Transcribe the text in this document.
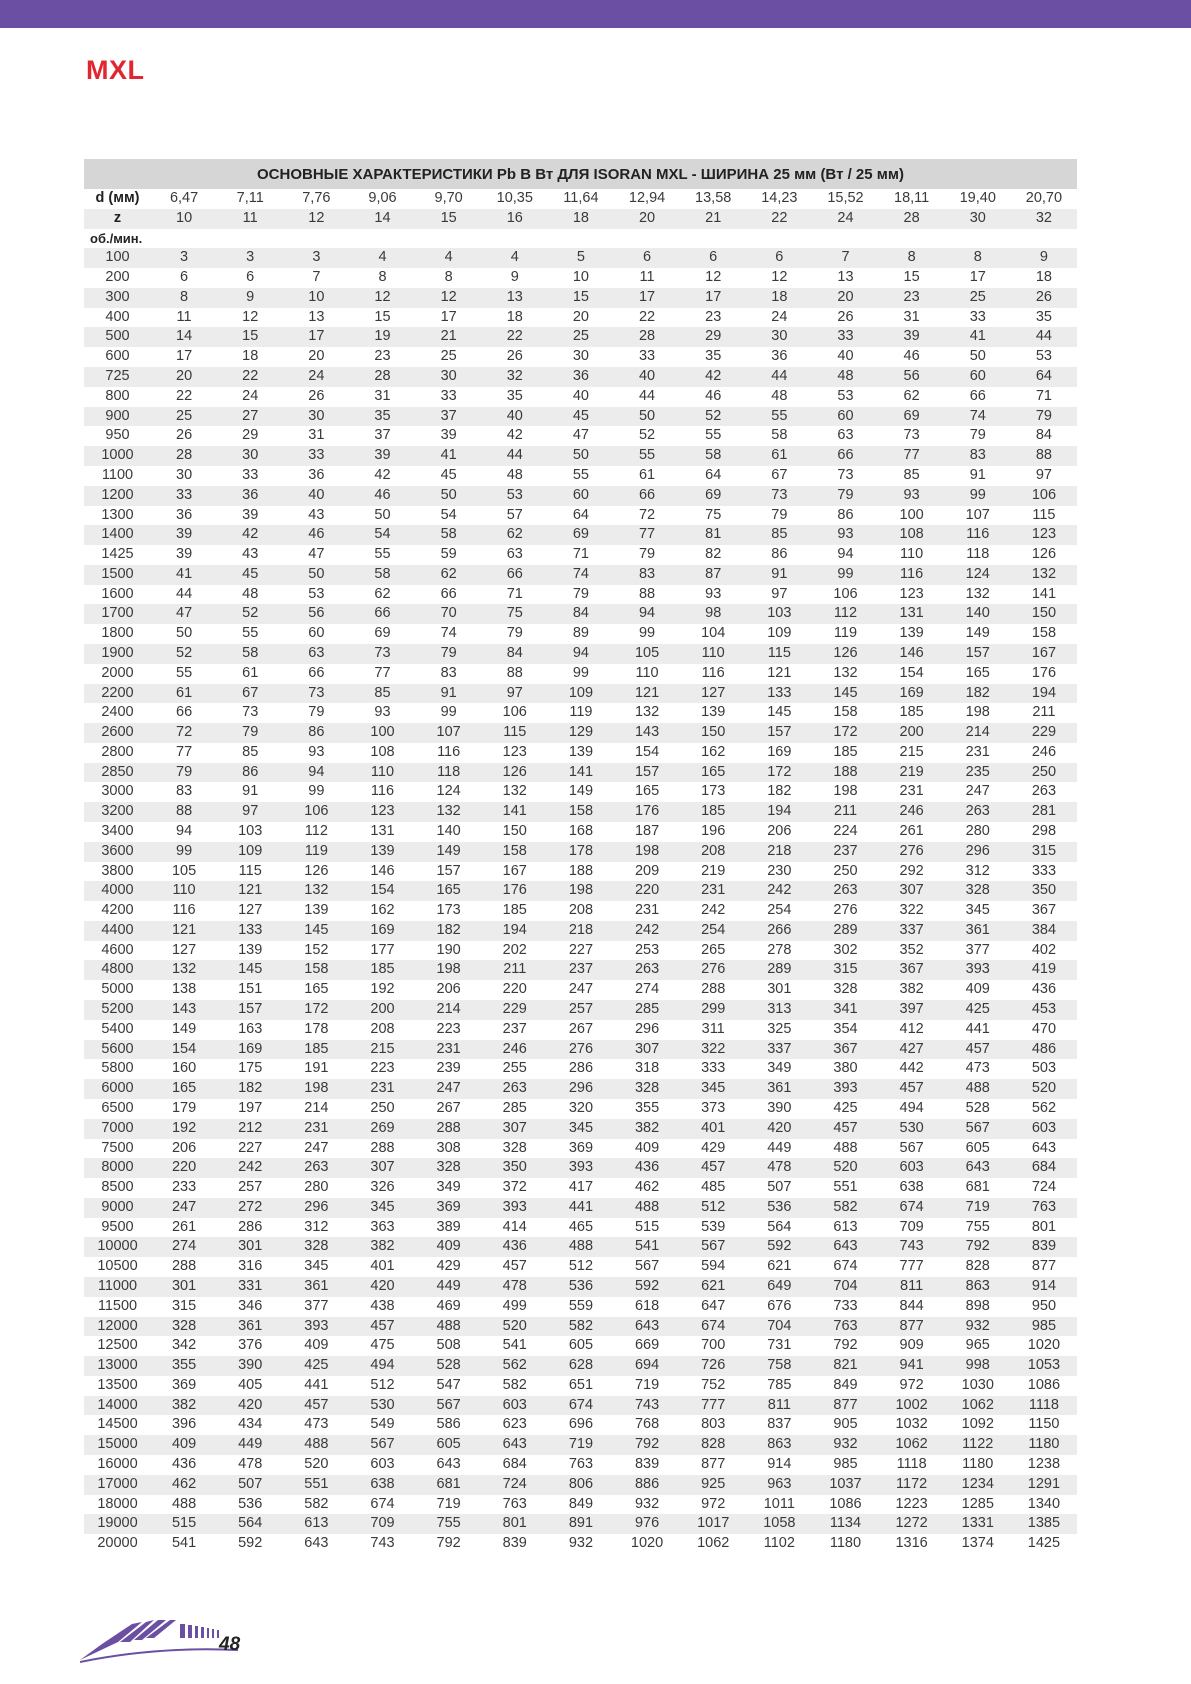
MXL
ОСНОВНЫЕ ХАРАКТЕРИСТИКИ Pb В Вт ДЛЯ ISORAN MXL - ШИРИНА 25 мм (Вт / 25 мм)
d (мм)	6,47	7,11	7,76	9,06	9,70	10,35	11,64	12,94	13,58	14,23	15,52	18,11	19,40	20,70
z	10	11	12	14	15	16	18	20	21	22	24	28	30	32
об./мин.														
100	3	3	3	4	4	4	5	6	6	6	7	8	8	9
200	6	6	7	8	8	9	10	11	12	12	13	15	17	18
300	8	9	10	12	12	13	15	17	17	18	20	23	25	26
400	11	12	13	15	17	18	20	22	23	24	26	31	33	35
500	14	15	17	19	21	22	25	28	29	30	33	39	41	44
600	17	18	20	23	25	26	30	33	35	36	40	46	50	53
725	20	22	24	28	30	32	36	40	42	44	48	56	60	64
800	22	24	26	31	33	35	40	44	46	48	53	62	66	71
900	25	27	30	35	37	40	45	50	52	55	60	69	74	79
950	26	29	31	37	39	42	47	52	55	58	63	73	79	84
1000	28	30	33	39	41	44	50	55	58	61	66	77	83	88
1100	30	33	36	42	45	48	55	61	64	67	73	85	91	97
1200	33	36	40	46	50	53	60	66	69	73	79	93	99	106
1300	36	39	43	50	54	57	64	72	75	79	86	100	107	115
1400	39	42	46	54	58	62	69	77	81	85	93	108	116	123
1425	39	43	47	55	59	63	71	79	82	86	94	110	118	126
1500	41	45	50	58	62	66	74	83	87	91	99	116	124	132
1600	44	48	53	62	66	71	79	88	93	97	106	123	132	141
1700	47	52	56	66	70	75	84	94	98	103	112	131	140	150
1800	50	55	60	69	74	79	89	99	104	109	119	139	149	158
1900	52	58	63	73	79	84	94	105	110	115	126	146	157	167
2000	55	61	66	77	83	88	99	110	116	121	132	154	165	176
2200	61	67	73	85	91	97	109	121	127	133	145	169	182	194
2400	66	73	79	93	99	106	119	132	139	145	158	185	198	211
2600	72	79	86	100	107	115	129	143	150	157	172	200	214	229
2800	77	85	93	108	116	123	139	154	162	169	185	215	231	246
2850	79	86	94	110	118	126	141	157	165	172	188	219	235	250
3000	83	91	99	116	124	132	149	165	173	182	198	231	247	263
3200	88	97	106	123	132	141	158	176	185	194	211	246	263	281
3400	94	103	112	131	140	150	168	187	196	206	224	261	280	298
3600	99	109	119	139	149	158	178	198	208	218	237	276	296	315
3800	105	115	126	146	157	167	188	209	219	230	250	292	312	333
4000	110	121	132	154	165	176	198	220	231	242	263	307	328	350
4200	116	127	139	162	173	185	208	231	242	254	276	322	345	367
4400	121	133	145	169	182	194	218	242	254	266	289	337	361	384
4600	127	139	152	177	190	202	227	253	265	278	302	352	377	402
4800	132	145	158	185	198	211	237	263	276	289	315	367	393	419
5000	138	151	165	192	206	220	247	274	288	301	328	382	409	436
5200	143	157	172	200	214	229	257	285	299	313	341	397	425	453
5400	149	163	178	208	223	237	267	296	311	325	354	412	441	470
5600	154	169	185	215	231	246	276	307	322	337	367	427	457	486
5800	160	175	191	223	239	255	286	318	333	349	380	442	473	503
6000	165	182	198	231	247	263	296	328	345	361	393	457	488	520
6500	179	197	214	250	267	285	320	355	373	390	425	494	528	562
7000	192	212	231	269	288	307	345	382	401	420	457	530	567	603
7500	206	227	247	288	308	328	369	409	429	449	488	567	605	643
8000	220	242	263	307	328	350	393	436	457	478	520	603	643	684
8500	233	257	280	326	349	372	417	462	485	507	551	638	681	724
9000	247	272	296	345	369	393	441	488	512	536	582	674	719	763
9500	261	286	312	363	389	414	465	515	539	564	613	709	755	801
10000	274	301	328	382	409	436	488	541	567	592	643	743	792	839
10500	288	316	345	401	429	457	512	567	594	621	674	777	828	877
11000	301	331	361	420	449	478	536	592	621	649	704	811	863	914
11500	315	346	377	438	469	499	559	618	647	676	733	844	898	950
12000	328	361	393	457	488	520	582	643	674	704	763	877	932	985
12500	342	376	409	475	508	541	605	669	700	731	792	909	965	1020
13000	355	390	425	494	528	562	628	694	726	758	821	941	998	1053
13500	369	405	441	512	547	582	651	719	752	785	849	972	1030	1086
14000	382	420	457	530	567	603	674	743	777	811	877	1002	1062	1118
14500	396	434	473	549	586	623	696	768	803	837	905	1032	1092	1150
15000	409	449	488	567	605	643	719	792	828	863	932	1062	1122	1180
16000	436	478	520	603	643	684	763	839	877	914	985	1118	1180	1238
17000	462	507	551	638	681	724	806	886	925	963	1037	1172	1234	1291
18000	488	536	582	674	719	763	849	932	972	1011	1086	1223	1285	1340
19000	515	564	613	709	755	801	891	976	1017	1058	1134	1272	1331	1385
20000	541	592	643	743	792	839	932	1020	1062	1102	1180	1316	1374	1425
48
